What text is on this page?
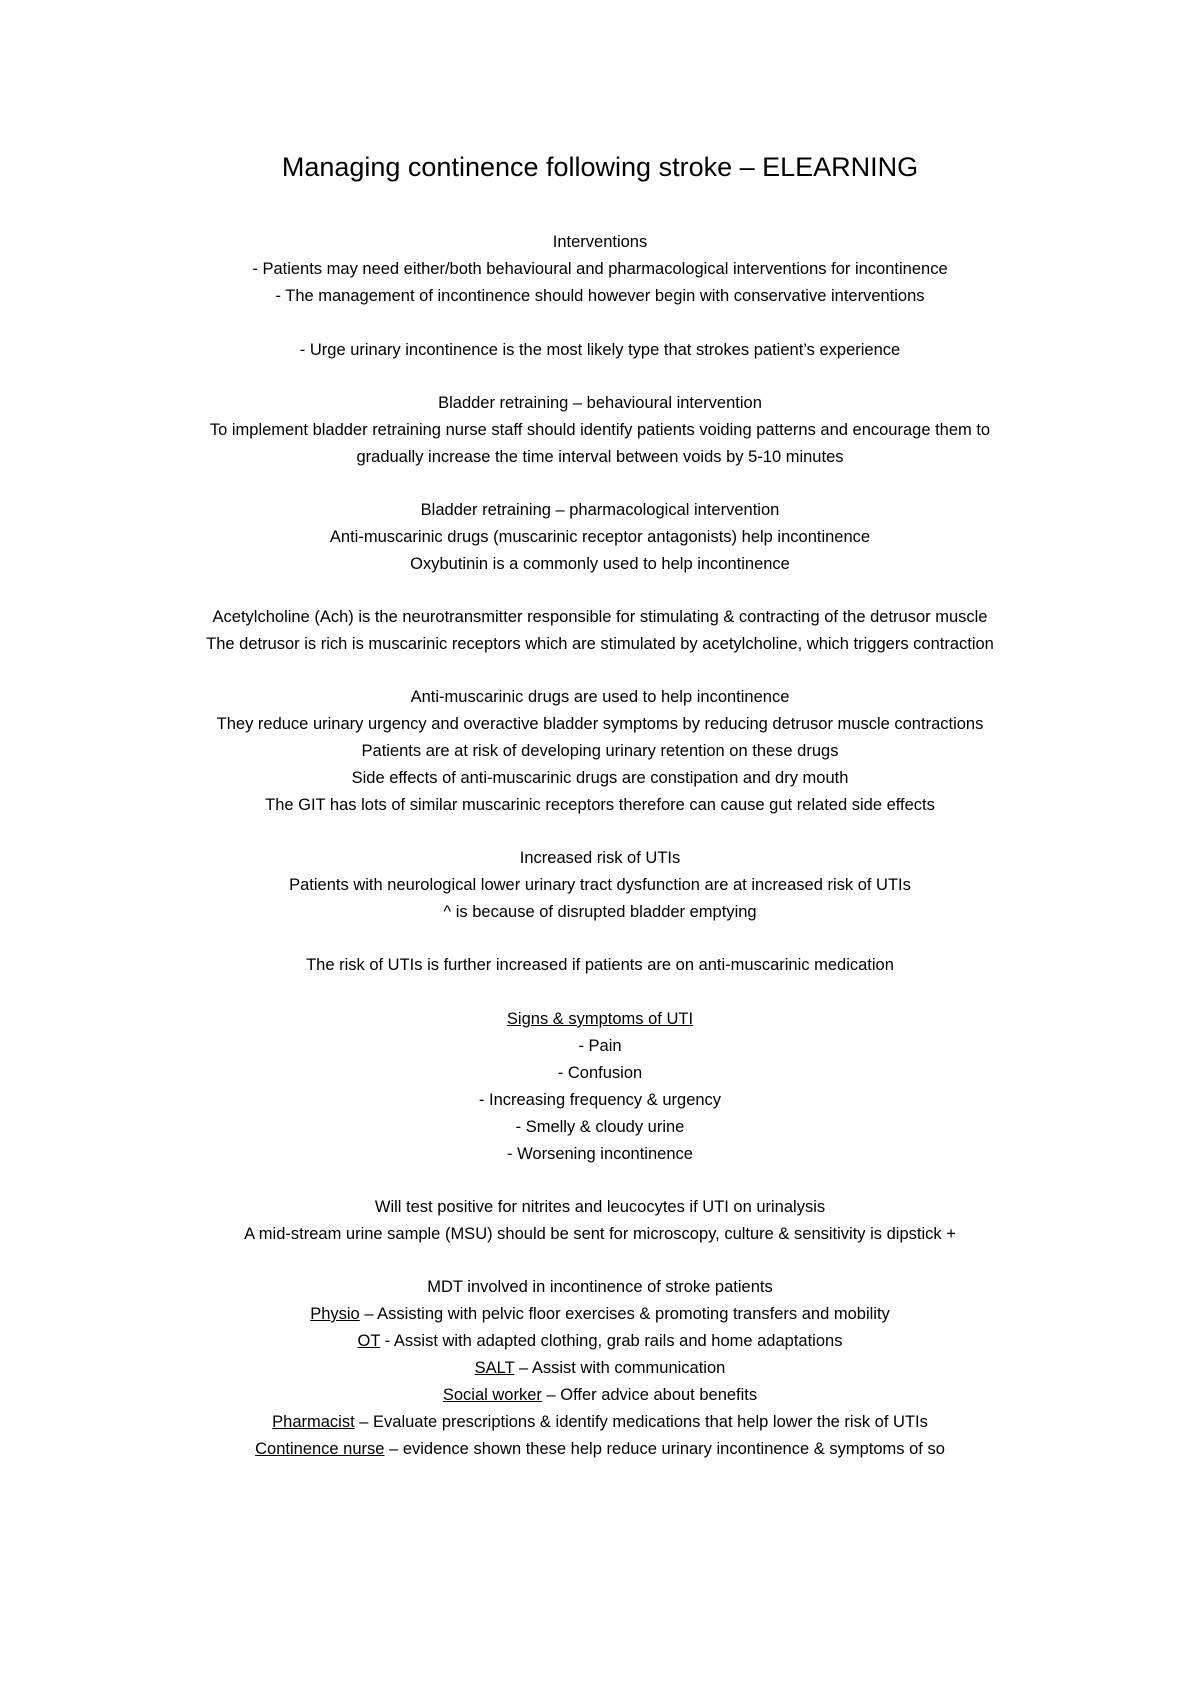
Managing continence following stroke – ELEARNING
Interventions
- Patients may need either/both behavioural and pharmacological interventions for incontinence
- The management of incontinence should however begin with conservative interventions
- Urge urinary incontinence is the most likely type that strokes patient’s experience
Bladder retraining – behavioural intervention
To implement bladder retraining nurse staff should identify patients voiding patterns and encourage them to
gradually increase the time interval between voids by 5-10 minutes
Bladder retraining – pharmacological intervention
Anti-muscarinic drugs (muscarinic receptor antagonists) help incontinence
Oxybutinin is a commonly used to help incontinence
Acetylcholine (Ach) is the neurotransmitter responsible for stimulating & contracting of the detrusor muscle
The detrusor is rich is muscarinic receptors which are stimulated by acetylcholine, which triggers contraction
Anti-muscarinic drugs are used to help incontinence
They reduce urinary urgency and overactive bladder symptoms by reducing detrusor muscle contractions
Patients are at risk of developing urinary retention on these drugs
Side effects of anti-muscarinic drugs are constipation and dry mouth
The GIT has lots of similar muscarinic receptors therefore can cause gut related side effects
Increased risk of UTIs
Patients with neurological lower urinary tract dysfunction are at increased risk of UTIs
^ is because of disrupted bladder emptying
The risk of UTIs is further increased if patients are on anti-muscarinic medication
Signs & symptoms of UTI
- Pain
- Confusion
- Increasing frequency & urgency
- Smelly & cloudy urine
- Worsening incontinence
Will test positive for nitrites and leucocytes if UTI on urinalysis
A mid-stream urine sample (MSU) should be sent for microscopy, culture & sensitivity is dipstick +
MDT involved in incontinence of stroke patients
Physio – Assisting with pelvic floor exercises & promoting transfers and mobility
OT - Assist with adapted clothing, grab rails and home adaptations
SALT – Assist with communication
Social worker – Offer advice about benefits
Pharmacist – Evaluate prescriptions & identify medications that help lower the risk of UTIs
Continence nurse – evidence shown these help reduce urinary incontinence & symptoms of so
